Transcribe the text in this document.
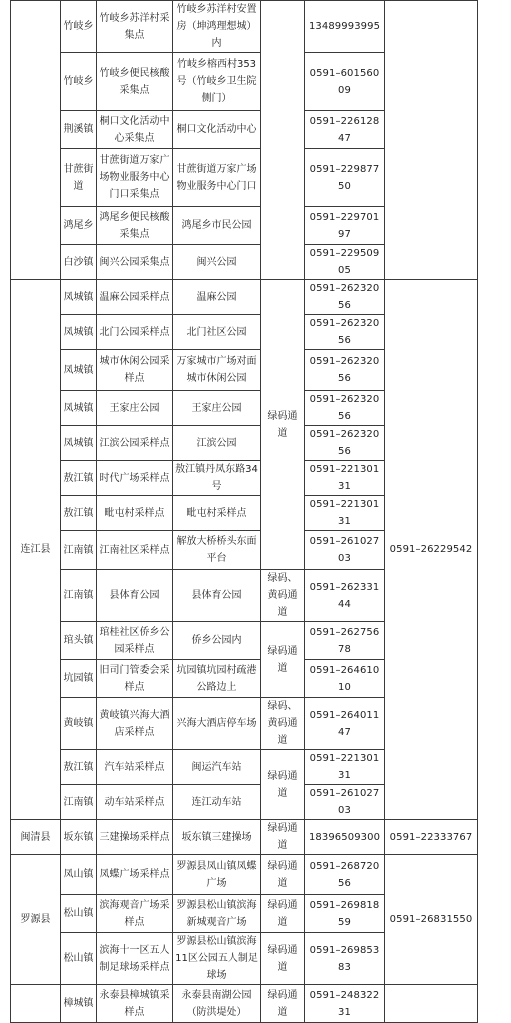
	竹岐乡	竹岐乡苏洋村采集点	竹岐乡苏洋村安置房（坤鸿理想城）内		13489993995	
	竹岐乡	竹岐乡便民核酸采集点	竹岐乡榕西村353号（竹岐乡卫生院侧门）		0591–60156009	
	荆溪镇	桐口文化活动中心采集点	桐口文化活动中心		0591–22612847	
	甘蔗街道	甘蔗街道万家广场物业服务中心门口采集点	甘蔗街道万家广场物业服务中心门口		0591–22987750	
	鸿尾乡	鸿尾乡便民核酸采集点	鸿尾乡市民公园		0591–22970197	
	白沙镇	闽兴公园采集点	闽兴公园		0591–22950905	
连江县	凤城镇	温麻公园采样点	温麻公园	绿码通道	0591–26232056	0591–26229542
	凤城镇	北门公园采样点	北门社区公园		0591–26232056	
	凤城镇	城市休闲公园采样点	万家城市广场对面城市休闲公园		0591–26232056	
	凤城镇	王家庄公园	王家庄公园		0591–26232056	
	凤城镇	江滨公园采样点	江滨公园		0591–26232056	
	敖江镇	时代广场采样点	敖江镇丹凤东路34号		0591–22130131	
	敖江镇	毗屯村采样点	毗屯村采样点		0591–22130131	
	江南镇	江南社区采样点	解放大桥桥头东面平台		0591–26102703	
	江南镇	县体育公园	县体育公园	绿码、黄码通道	0591–26233144	
	琯头镇	琯桂社区侨乡公园采样点	侨乡公园内	绿码通道	0591–26275678	
	坑园镇	旧司门管委会采样点	坑园镇坑园村疏港公路边上		0591–26461010	
	黄岐镇	黄岐镇兴海大酒店采样点	兴海大酒店停车场	绿码、黄码通道	0591–26401147	
	敖江镇	汽车站采样点	闽运汽车站	绿码通道	0591–22130131	
	江南镇	动车站采样点	连江动车站		0591–26102703	
闽清县	坂东镇	三建操场采样点	坂东镇三建操场	绿码通道	18396509300	0591–22333767
罗源县	凤山镇	凤蝶广场采样点	罗源县凤山镇凤蝶广场	绿码通道	0591–26872056	0591–26831550
	松山镇	滨海观音广场采样点	罗源县松山镇滨海新城观音广场	绿码通道	0591–26981859	
	松山镇	滨海十一区五人制足球场采样点	罗源县松山镇滨海11区公园五人制足球场	绿码通道	0591–26985383	
	樟城镇	永泰县樟城镇采样点	永泰县南湖公园（防洪堤处）	绿码通道	0591–24832231	
